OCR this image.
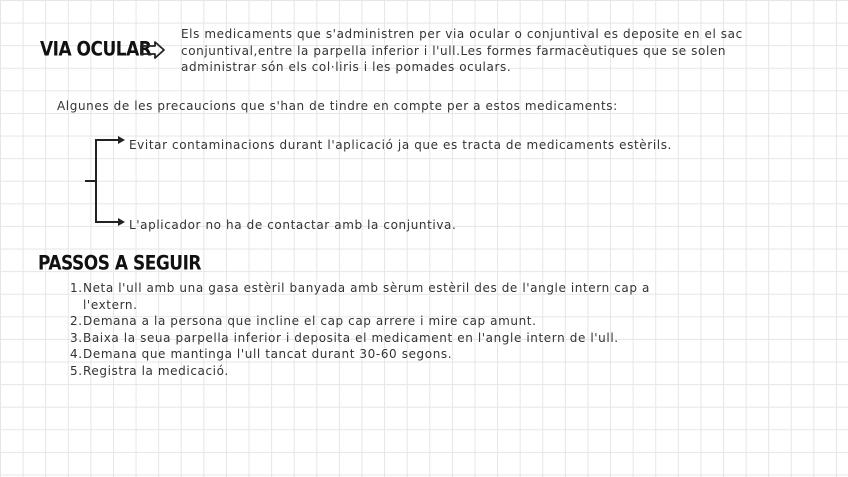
VIA OCULAR
Els medicaments que s'administren per via ocular o conjuntival es deposite en el sac conjuntival,entre la parpella inferior i l'ull.Les formes farmacèutiques que se solen administrar són els col·liris i les pomades oculars.
Algunes de les precaucions que s'han de tindre en compte per a estos medicaments:
Evitar contaminacions durant l'aplicació ja que es tracta de medicaments estèrils.
L'aplicador no ha de contactar amb la conjuntiva.
PASSOS A SEGUIR
1. Neta l'ull amb una gasa estèril banyada amb sèrum estèril des de l'angle intern cap a l'extern.
2. Demana a la persona que incline el cap cap arrere i mire cap amunt.
3. Baixa la seua parpella inferior i deposita el medicament en l'angle intern de l'ull.
4. Demana que mantinga l'ull tancat durant 30-60 segons.
5. Registra la medicació.
